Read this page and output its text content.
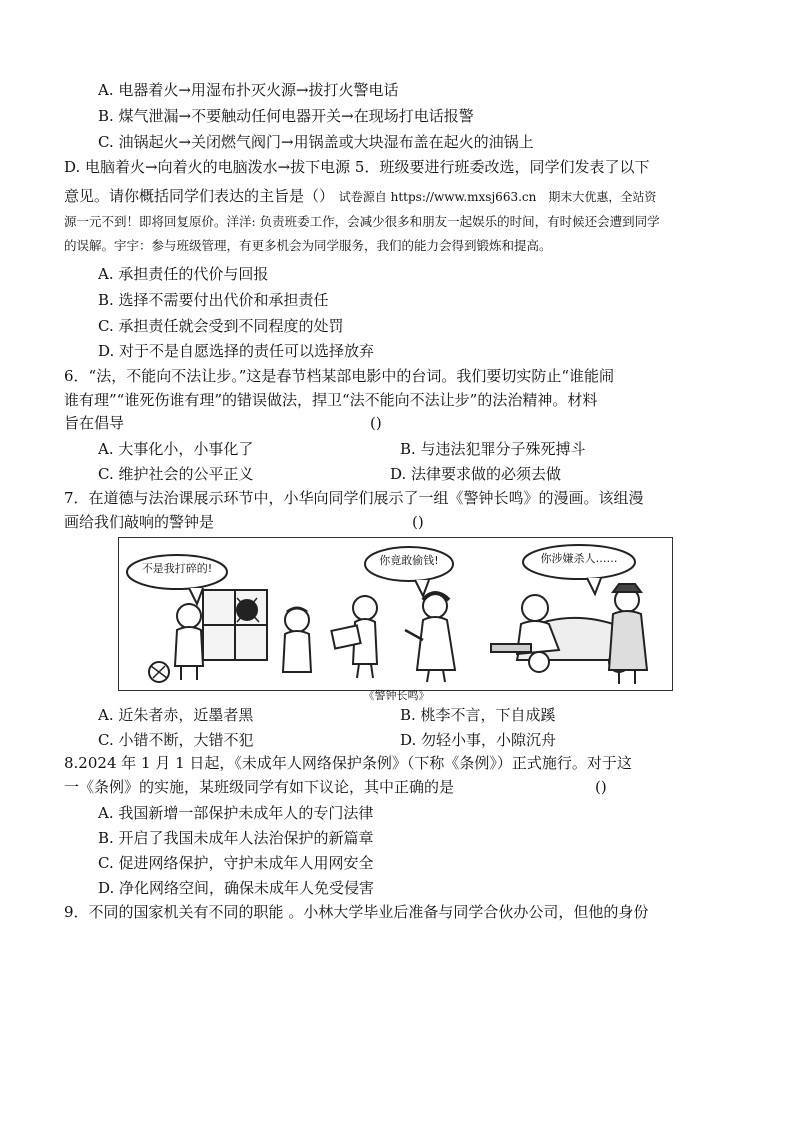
A. 电器着火→用湿布扑灭火源→拔打火警电话
B. 煤气泄漏→不要触动任何电器开关→在现场打电话报警
C. 油锅起火→关闭燃气阀门→用锅盖或大块湿布盖在起火的油锅上
D. 电脑着火→向着火的电脑泼水→拔下电源 5．班级要进行班委改选，同学们发表了以下
意见。请你概括同学们表达的主旨是（） 试卷源自 https://www.mxsj663.cn　期末大优惠，全站资
源一元不到！即将回复原价。洋洋: 负责班委工作，会减少很多和朋友一起娱乐的时间，有时候还会遭到同学
的误解。宇宇：参与班级管理，有更多机会为同学服务，我们的能力会得到锻炼和提高。
A. 承担责任的代价与回报
B. 选择不需要付出代价和承担责任
C. 承担责任就会受到不同程度的处罚
D. 对于不是自愿选择的责任可以选择放弃
6．“法，不能向不法让步。”这是春节档某部电影中的台词。我们要切实防止“谁能闹
谁有理”“谁死伤谁有理”的错误做法，捍卫“法不能向不法让步”的法治精神。材料
旨在倡导	()
A. 大事化小，小事化了	B. 与违法犯罪分子殊死搏斗
C. 维护社会的公平正义	D. 法律要求做的必须去做
7．在道德与法治课展示环节中，小华向同学们展示了一组《警钟长鸣》的漫画。该组漫
画给我们敲响的警钟是	()
不是我打碎的!
你竟敢偷钱!	你涉嫌杀人……
《警钟长鸣》
A. 近朱者赤，近墨者黑	B. 桃李不言，下自成蹊
C. 小错不断，大错不犯	D. 勿轻小事，小隙沉舟
8.2024 年 1 月 1 日起，《未成年人网络保护条例》（下称《条例》）正式施行。对于这
一《条例》的实施，某班级同学有如下议论，其中正确的是	()
A. 我国新增一部保护未成年人的专门法律
B. 开启了我国未成年人法治保护的新篇章
C. 促进网络保护，守护未成年人用网安全
D. 净化网络空间，确保未成年人免受侵害
9．不同的国家机关有不同的职能 。小林大学毕业后准备与同学合伙办公司，但他的身份
